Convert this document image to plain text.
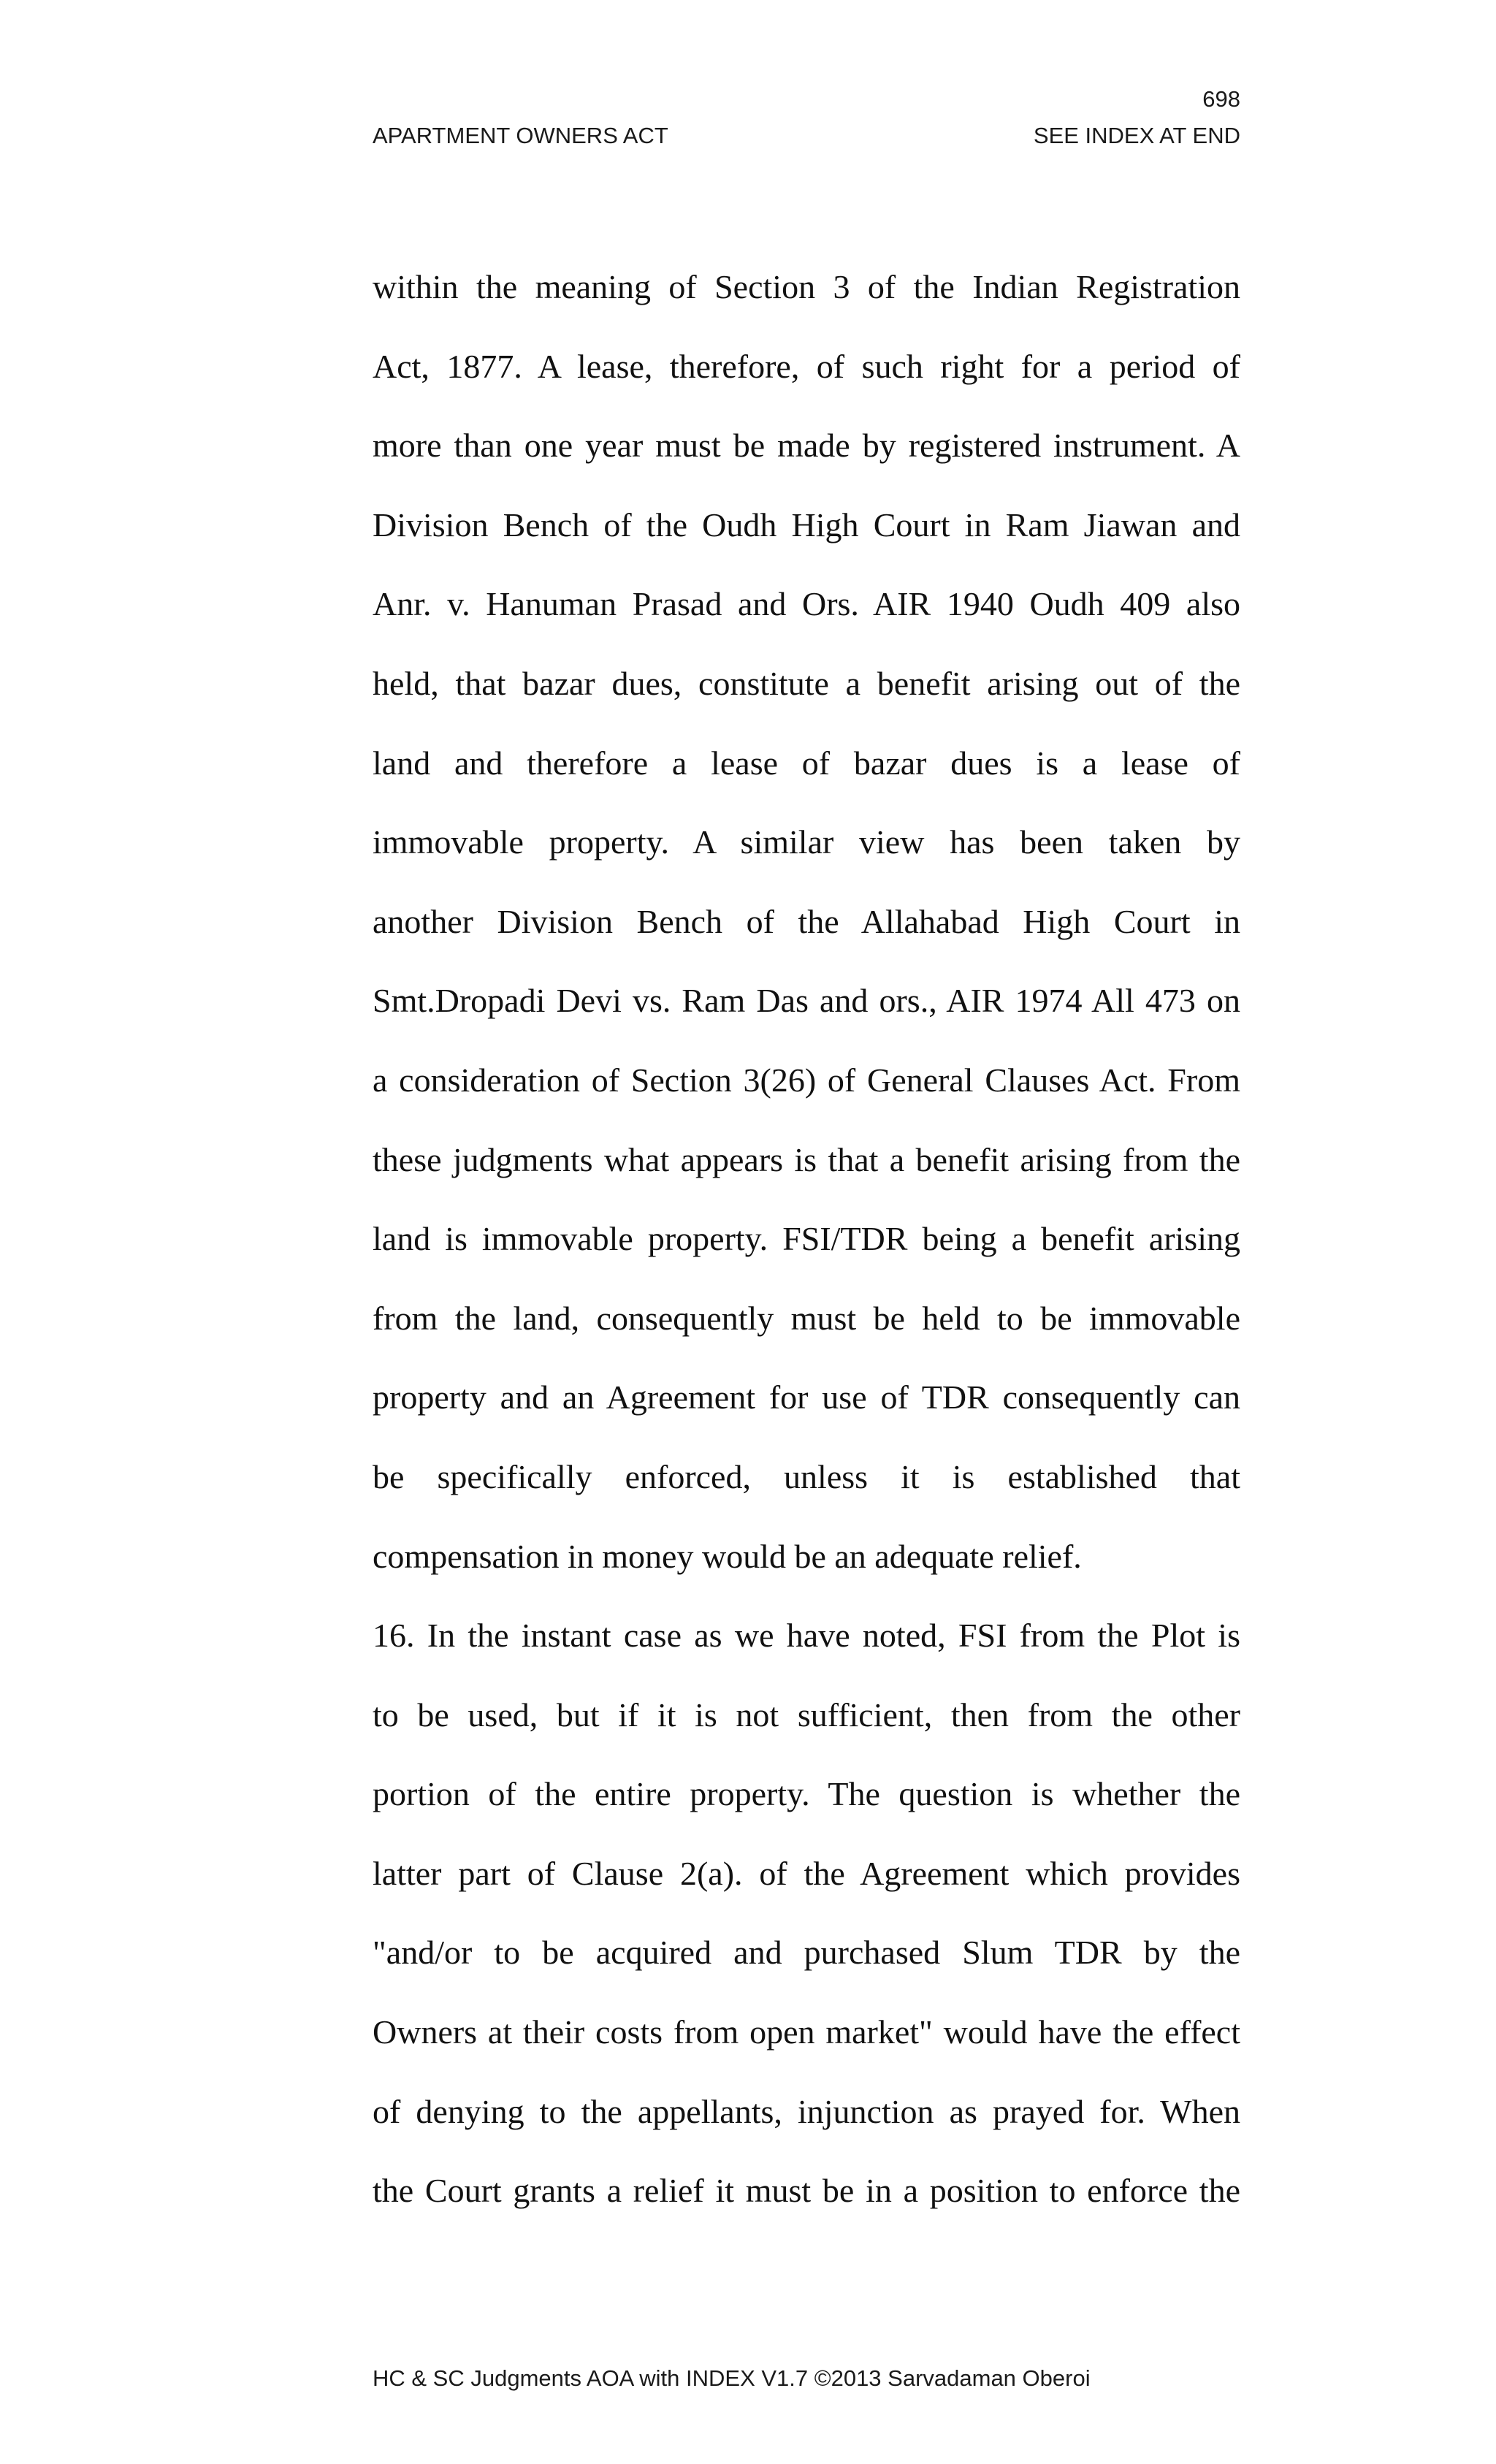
698
APARTMENT OWNERS ACT	SEE INDEX AT END
within the meaning of Section 3 of the Indian Registration
Act, 1877. A lease, therefore, of such right for a period of
more than one year must be made by registered instrument. A
Division Bench of the Oudh High Court in Ram Jiawan and
Anr. v. Hanuman Prasad and Ors. AIR 1940 Oudh 409 also
held, that bazar dues, constitute a benefit arising out of the
land and therefore a lease of bazar dues is a lease of
immovable property. A similar view has been taken by
another Division Bench of the Allahabad High Court in
Smt.Dropadi Devi vs. Ram Das and ors., AIR 1974 All 473 on
a consideration of Section 3(26) of General Clauses Act. From
these judgments what appears is that a benefit arising from the
land is immovable property. FSI/TDR being a benefit arising
from the land, consequently must be held to be immovable
property and an Agreement for use of TDR consequently can
be specifically enforced, unless it is established that
compensation in money would be an adequate relief.
16. In the instant case as we have noted, FSI from the Plot is
to be used, but if it is not sufficient, then from the other
portion of the entire property. The question is whether the
latter part of Clause 2(a). of the Agreement which provides
"and/or to be acquired and purchased Slum TDR by the
Owners at their costs from open market" would have the effect
of denying to the appellants, injunction as prayed for. When
the Court grants a relief it must be in a position to enforce the
HC & SC Judgments AOA with INDEX V1.7 ©2013 Sarvadaman Oberoi
